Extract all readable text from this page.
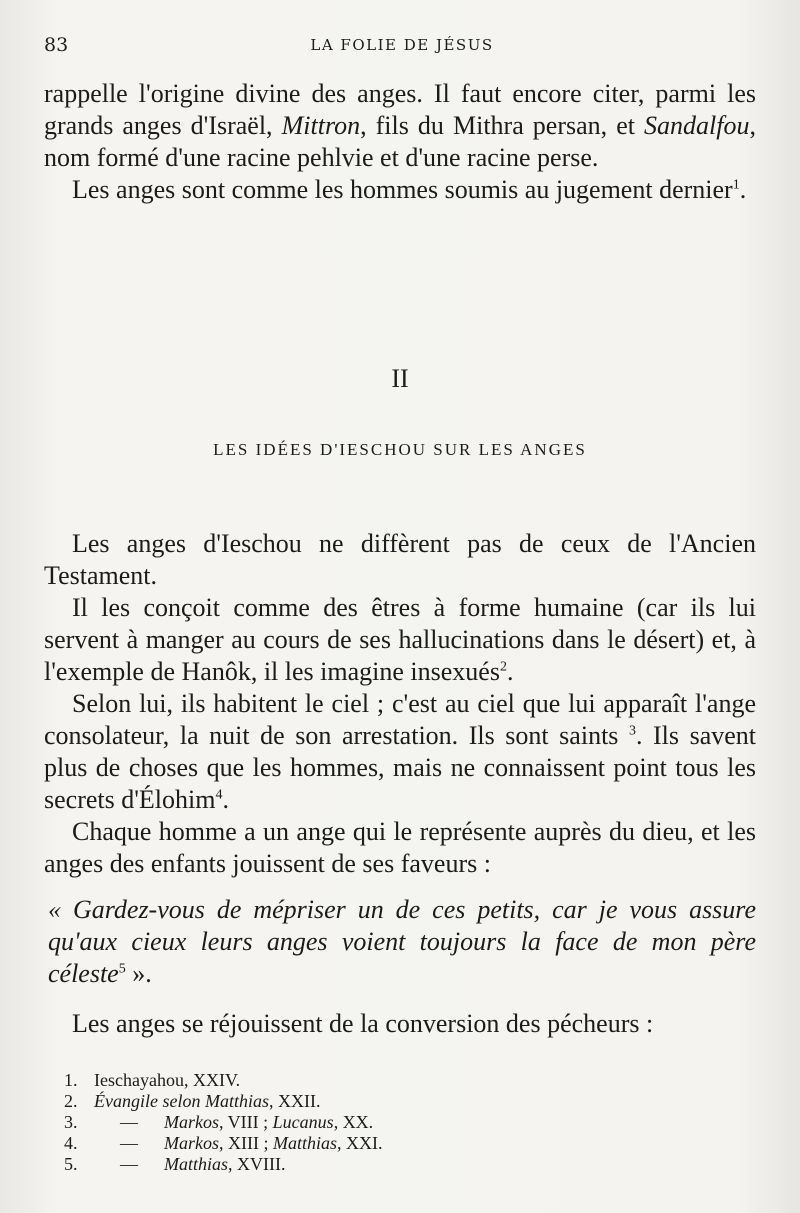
83	LA FOLIE DE JÉSUS

rappelle l'origine divine des anges. Il faut encore citer, parmi les grands anges d'Israël, Mittron, fils du Mithra persan, et Sandalfou, nom formé d'une racine pehlvie et d'une racine perse.

Les anges sont comme les hommes soumis au jugement dernier$^1$.

II
LES IDÉES D'IESCHOU SUR LES ANGES

Les anges d'Ieschou ne diffèrent pas de ceux de l'Ancien Testament.

Il les conçoit comme des êtres à forme humaine (car ils lui servent à manger au cours de ses hallucinations dans le désert) et, à l'exemple de Hanôk, il les imagine insexués$^2$.

Selon lui, ils habitent le ciel ; c'est au ciel que lui apparaît l'ange consolateur, la nuit de son arrestation. Ils sont saints $^3$. Ils savent plus de choses que les hommes, mais ne connaissent point tous les secrets d'Élohim$^4$.

Chaque homme a un ange qui le représente auprès du dieu, et les anges des enfants jouissent de ses faveurs :

« Gardez-vous de mépriser un de ces petits, car je vous assure qu'aux cieux leurs anges voient toujours la face de mon père céleste$^5$ ».

Les anges se réjouissent de la conversion des pécheurs :

1. Ieschayahou, XXIV.
2. Évangile selon Matthias, XXII.
3.	—	Markos, VIII ; Lucanus, XX.
4.	—	Markos, XIII ; Matthias, XXI.
5.	—	Matthias, XVIII.
